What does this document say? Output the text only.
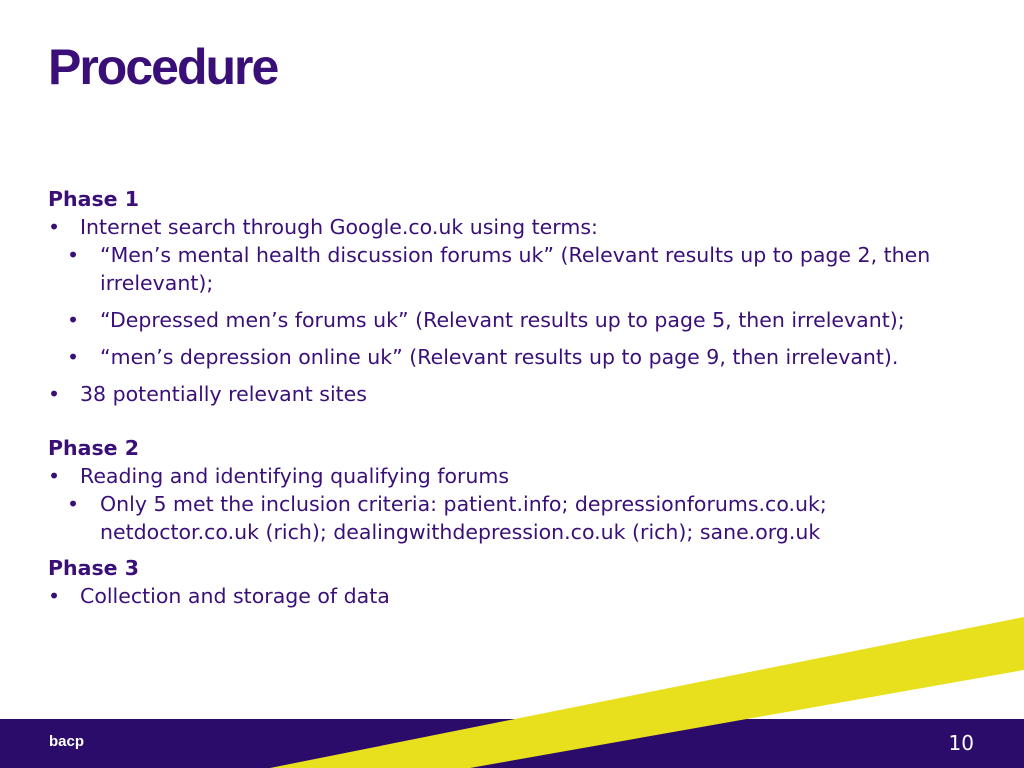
Procedure
Phase 1
• Internet search through Google.co.uk using terms:
• “Men’s mental health discussion forums uk” (Relevant results up to page 2, then irrelevant);
• “Depressed men’s forums uk” (Relevant results up to page 5, then irrelevant);
• “men’s depression online uk” (Relevant results up to page 9, then irrelevant).
• 38 potentially relevant sites
Phase 2
• Reading and identifying qualifying forums
• Only 5 met the inclusion criteria: patient.info; depressionforums.co.uk; netdoctor.co.uk (rich); dealingwithdepression.co.uk (rich); sane.org.uk
Phase 3
• Collection and storage of data
bacp	10
